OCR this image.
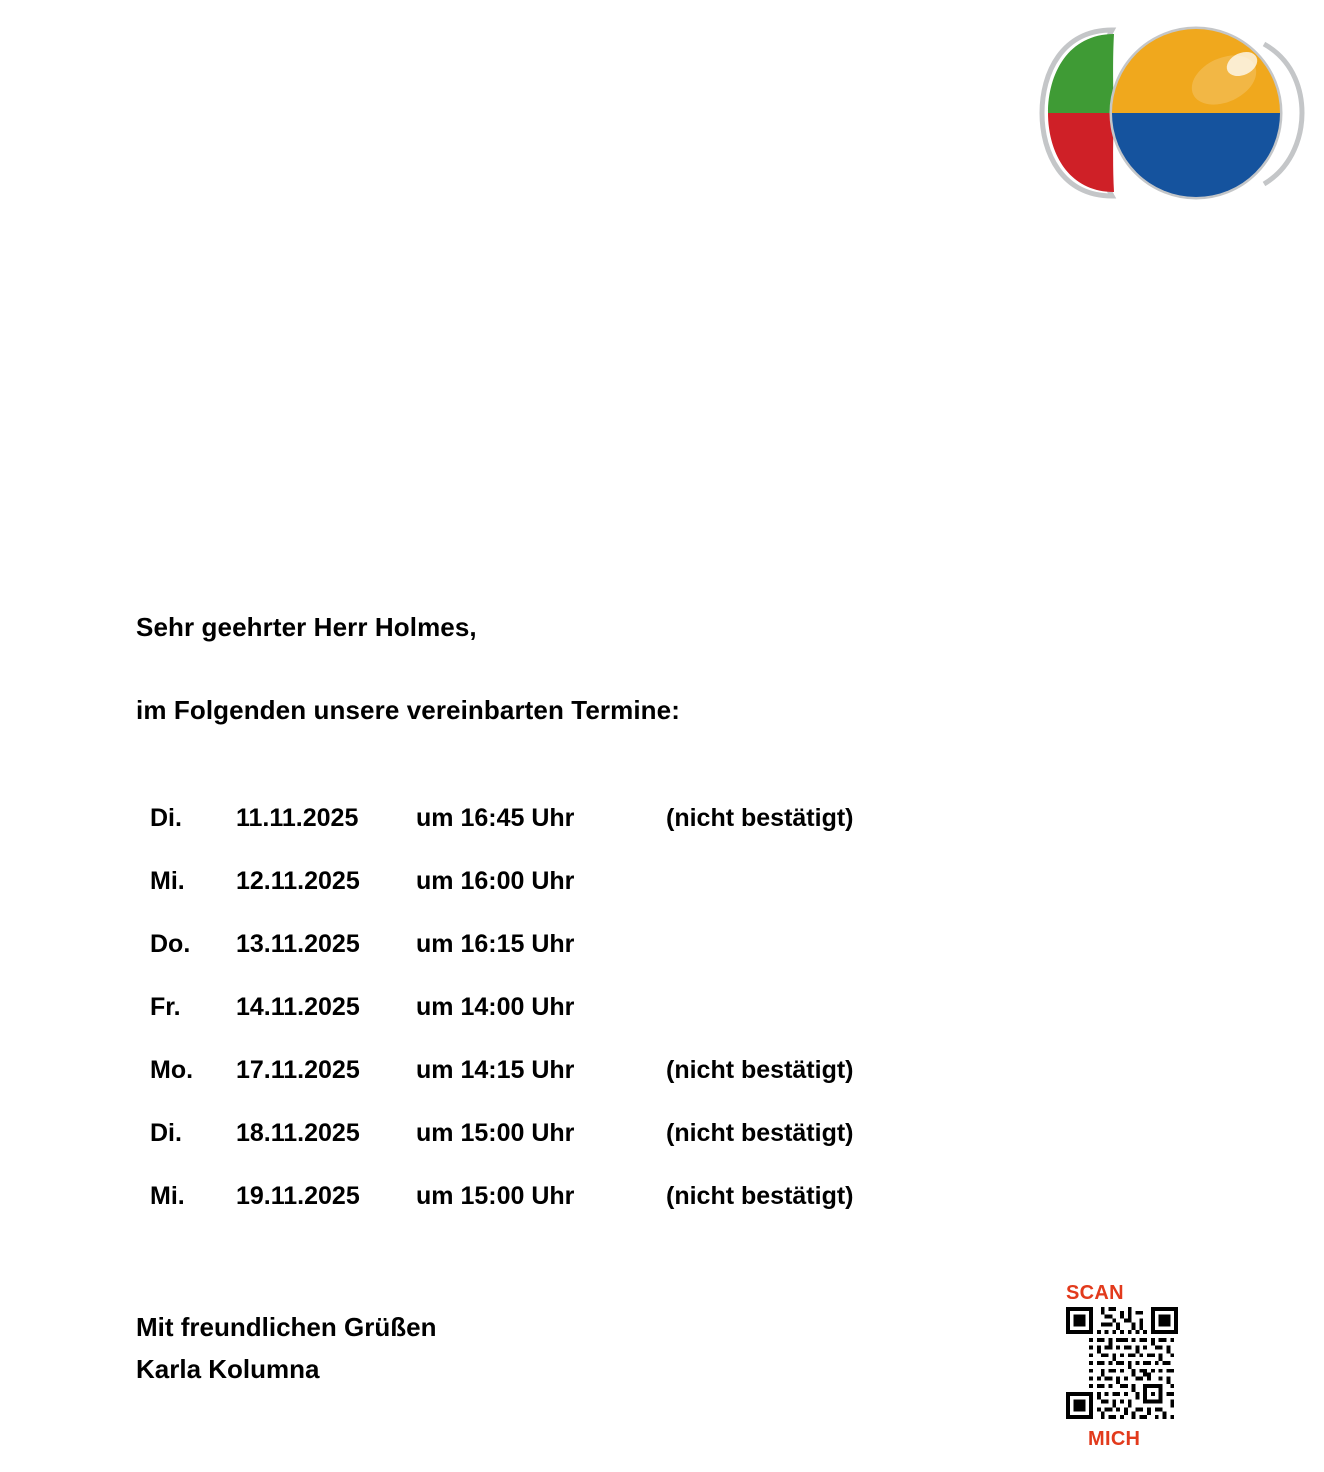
Sehr geehrter Herr Holmes,

im Folgenden unsere vereinbarten Termine:

Di.	11.11.2025	um 16:45 Uhr	(nicht bestätigt)
Mi.	12.11.2025	um 16:00 Uhr	
Do.	13.11.2025	um 16:15 Uhr	
Fr.	14.11.2025	um 14:00 Uhr	
Mo.	17.11.2025	um 14:15 Uhr	(nicht bestätigt)
Di.	18.11.2025	um 15:00 Uhr	(nicht bestätigt)
Mi.	19.11.2025	um 15:00 Uhr	(nicht bestätigt)
Mit freundlichen Grüßen
Karla Kolumna
SCAN
MICH
